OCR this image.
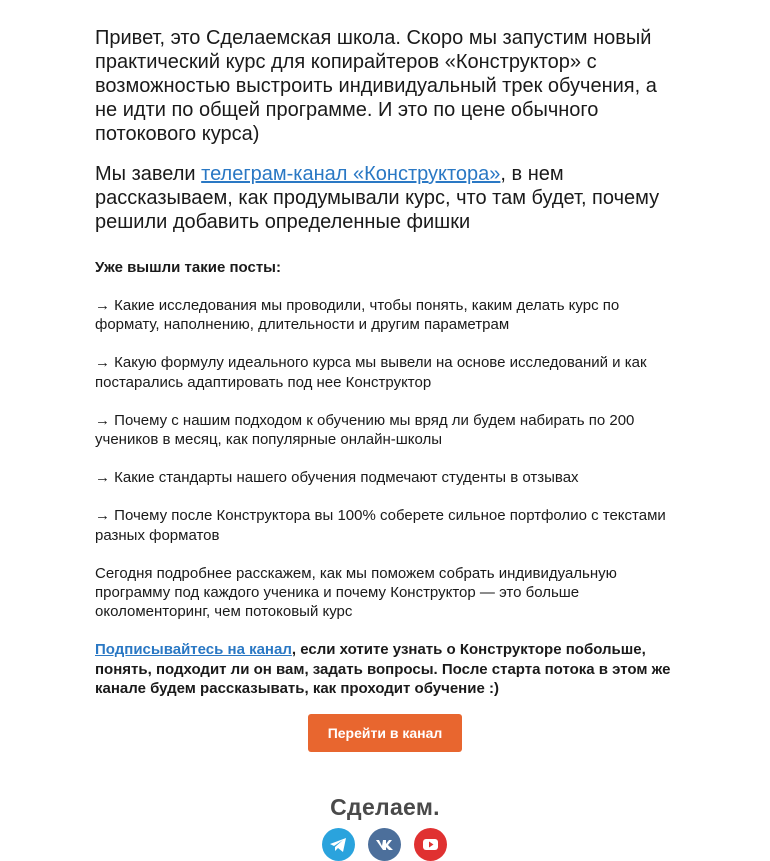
Привет, это Сделаемская школа. Скоро мы запустим новый практический курс для копирайтеров «Конструктор» с возможностью выстроить индивидуальный трек обучения, а не идти по общей программе. И это по цене обычного потокового курса)

Мы завели телеграм-канал «Конструктора», в нем рассказываем, как продумывали курс, что там будет, почему решили добавить определенные фишки

Уже вышли такие посты:

→ Какие исследования мы проводили, чтобы понять, каким делать курс по формату, наполнению, длительности и другим параметрам

→ Какую формулу идеального курса мы вывели на основе исследований и как постарались адаптировать под нее Конструктор

→ Почему с нашим подходом к обучению мы вряд ли будем набирать по 200 учеников в месяц, как популярные онлайн-школы

→ Какие стандарты нашего обучения подмечают студенты в отзывах

→ Почему после Конструктора вы 100% соберете сильное портфолио с текстами разных форматов

Сегодня подробнее расскажем, как мы поможем собрать индивидуальную программу под каждого ученика и почему Конструктор — это больше околоменторинг, чем потоковый курс

Подписывайтесь на канал, если хотите узнать о Конструкторе побольше, понять, подходит ли он вам, задать вопросы. После старта потока в этом же канале будем рассказывать, как проходит обучение :)

Перейти в канал
Сделаем.
